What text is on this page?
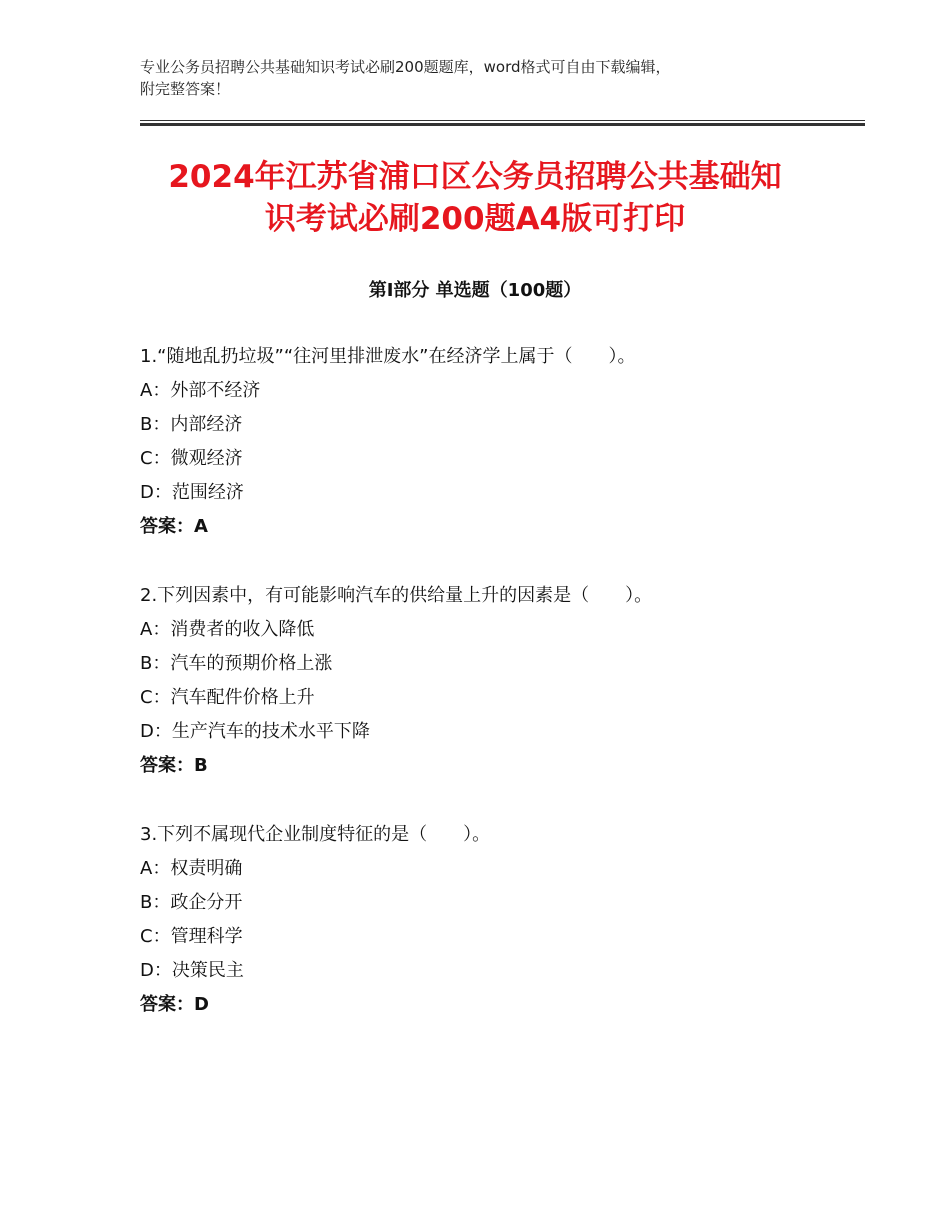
专业公务员招聘公共基础知识考试必刷200题题库，word格式可自由下载编辑，
附完整答案！
2024年江苏省浦口区公务员招聘公共基础知
识考试必刷200题A4版可打印
第Ⅰ部分 单选题（100题）
1.“随地乱扔垃圾”“往河里排泄废水”在经济学上属于（　　）。
A：外部不经济
B：内部经济
C：微观经济
D：范围经济
答案：A
2.下列因素中，有可能影响汽车的供给量上升的因素是（　　）。
A：消费者的收入降低
B：汽车的预期价格上涨
C：汽车配件价格上升
D：生产汽车的技术水平下降
答案：B
3.下列不属现代企业制度特征的是（　　）。
A：权责明确
B：政企分开
C：管理科学
D：决策民主
答案：D
